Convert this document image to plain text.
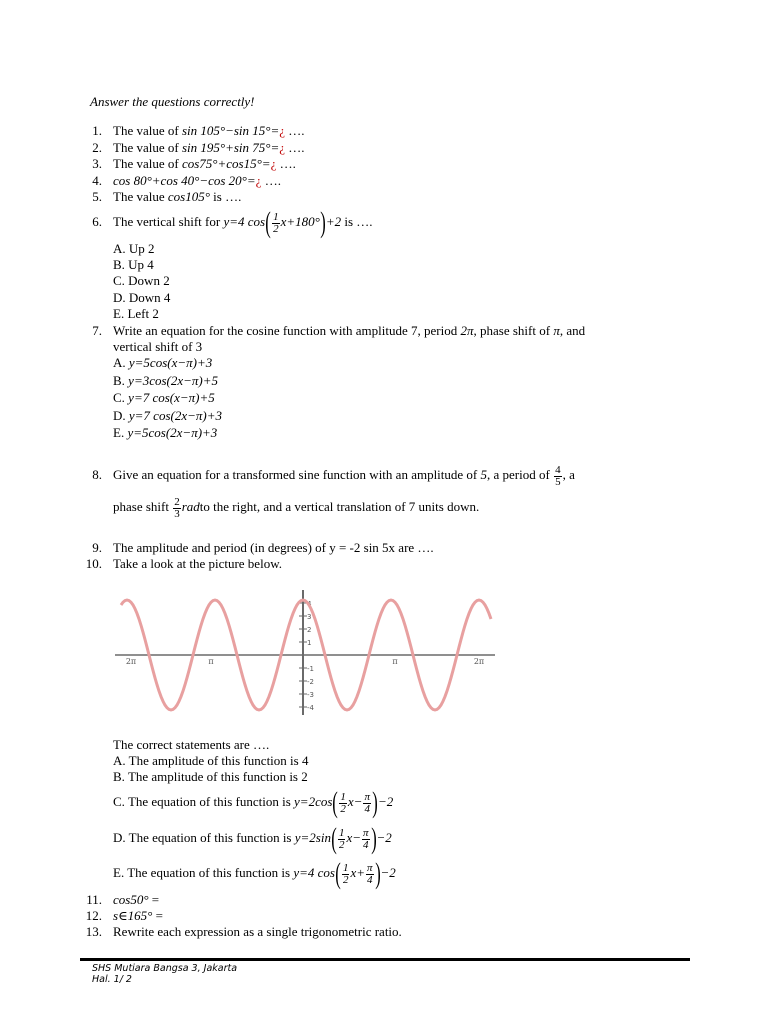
Answer the questions correctly!
1. The value of sin 105°−sin 15°=¿ ….
2. The value of sin 195°+sin 75°=¿ ….
3. The value of cos75°+cos15°=¿ ….
4. cos 80°+cos 40°−cos 20°=¿ ….
5. The value cos105° is ….
6. The vertical shift for y=4 $\cos( \frac{1}{2} x+180^\circ)+2$ is ….
A. Up 2
B. Up 4
C. Down 2
D. Down 4
E. Left 2
7. Write an equation for the cosine function with amplitude 7, period 2π, phase shift of π, and
vertical shift of 3
A. y=5cos⁡(x−π)+3
B. y=3cos⁡(2x−π)+5
C. y=7 cos⁡(x−π)+5
D. y=7 cos⁡(2x−π)+3
E. y=5cos⁡(2x−π)+3
8. Give an equation for a transformed sine function with an amplitude of 5, a period of $\frac{4}{5}$ , a
phase shift $\frac{2}{3}$ radto the right, and a vertical translation of 7 units down.
9. The amplitude and period (in degrees) of y = -2 sin 5x are ….
10. Take a look at the picture below.
4
3
2
1
-1
-2
-3
-4
2π	π	π	2π
The correct statements are ….
A. The amplitude of this function is 4
B. The amplitude of this function is 2
C. The equation of this function is $y=2\cos( \frac{1}{2} x- \frac{\pi}{4} )-2$
D. The equation of this function is $y=2\sin( \frac{1}{2} x- \frac{\pi}{4} )-2$
E. The equation of this function is y=4 $\cos( \frac{1}{2} x+ \frac{\pi}{4} )-2$
11. cos50° =
12. s∈165° =
13. Rewrite each expression as a single trigonometric ratio.
SHS Mutiara Bangsa 3, Jakarta
Hal. 1/ 2
